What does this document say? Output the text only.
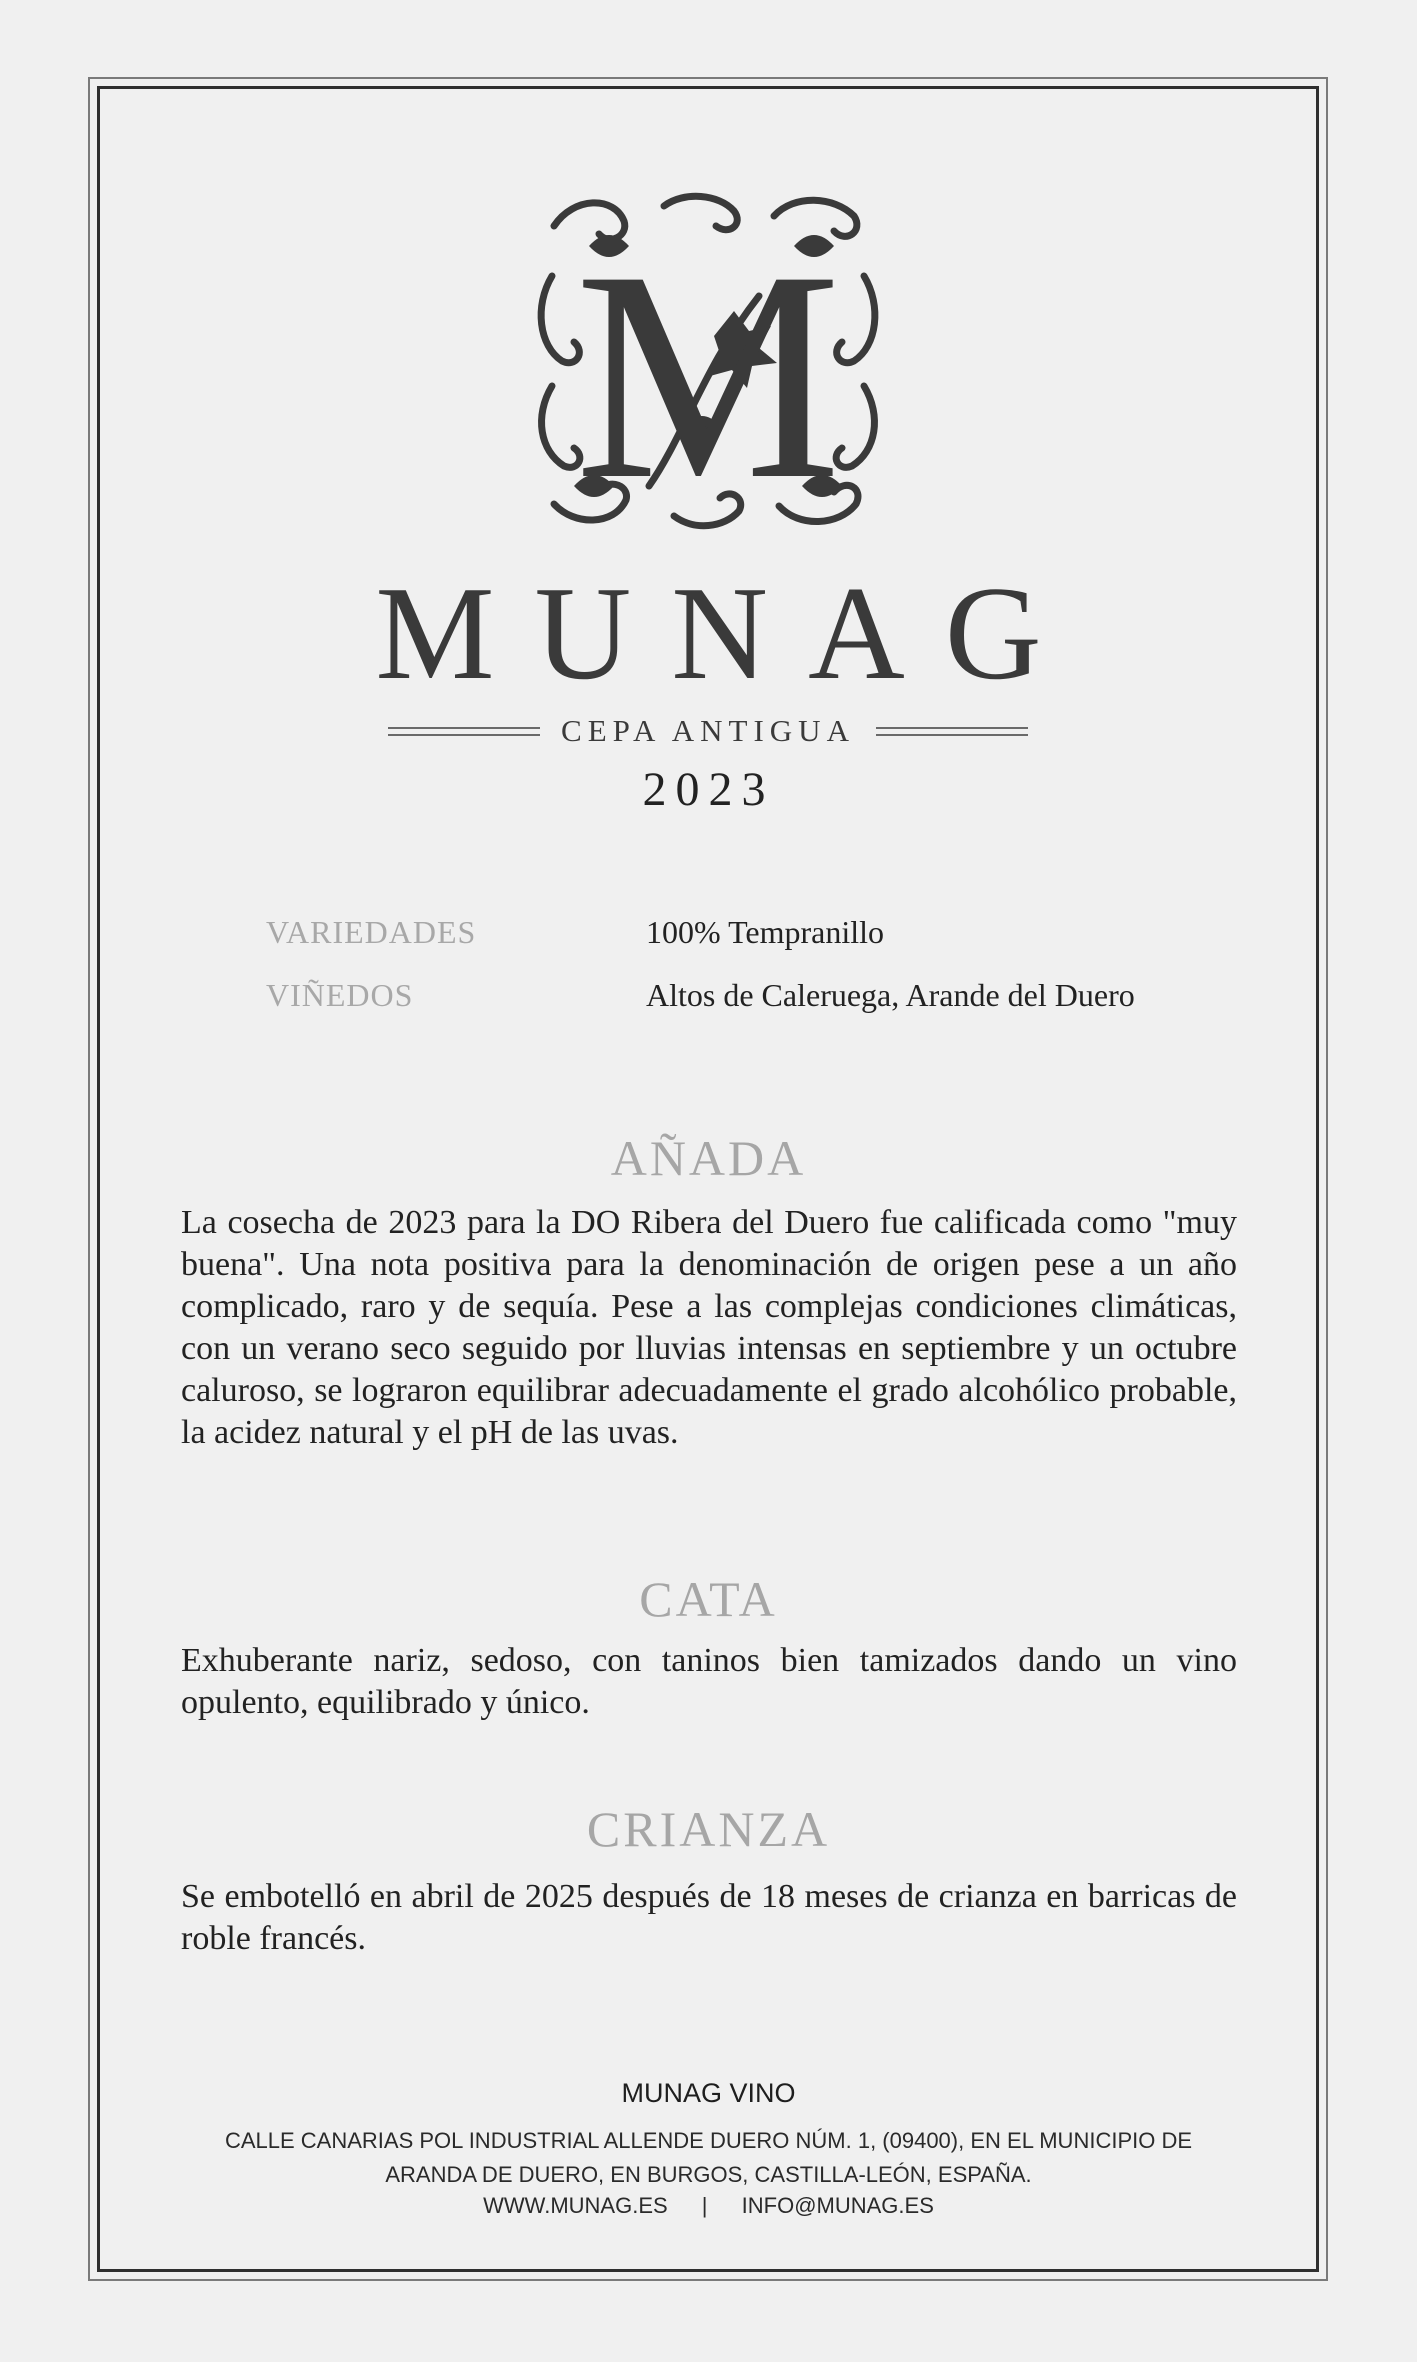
M
MUNAG
CEPA ANTIGUA
2023
VARIEDADES	100% Tempranillo
VIÑEDOS	Altos de Caleruega, Arande del Duero
AÑADA

La cosecha de 2023 para la DO Ribera del Duero fue calificada como "muy buena". Una nota positiva para la denominación de origen pese a un año complicado, raro y de sequía. Pese a las complejas condiciones climáticas, con un verano seco seguido por lluvias intensas en septiembre y un octubre caluroso, se lograron equilibrar adecuadamente el grado alcohólico probable, la acidez natural y el pH de las uvas.

CATA

Exhuberante nariz, sedoso, con taninos bien tamizados dando un vino opulento, equilibrado y único.

CRIANZA

Se embotelló en abril de 2025 después de 18 meses de crianza en barricas de roble francés.

MUNAG VINO
CALLE CANARIAS POL INDUSTRIAL ALLENDE DUERO NÚM. 1, (09400), EN EL MUNICIPIO DE ARANDA DE DUERO, EN BURGOS, CASTILLA-LEÓN, ESPAÑA.
WWW.MUNAG.ES | INFO@MUNAG.ES
